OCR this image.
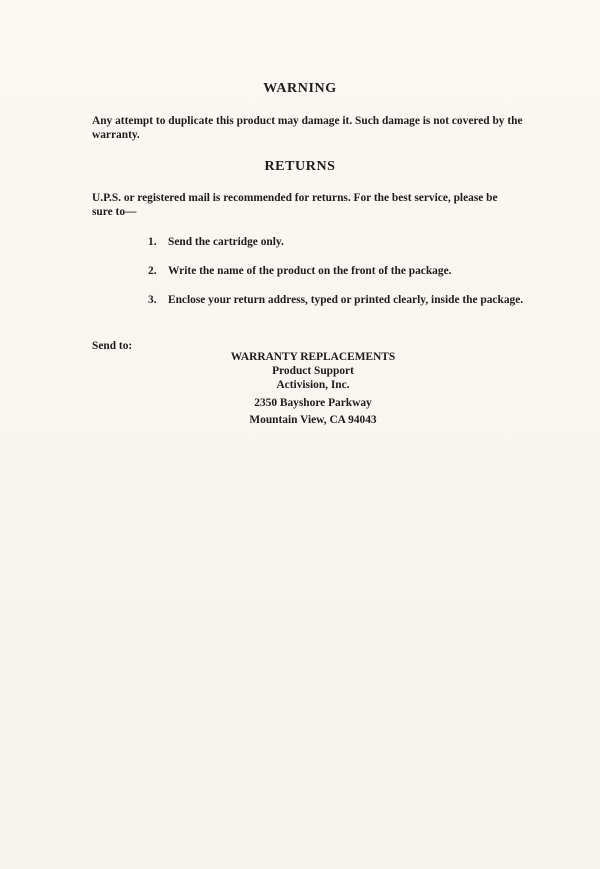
WARNING
Any attempt to duplicate this product may damage it. Such damage is not covered by the warranty.
RETURNS
U.P.S. or registered mail is recommended for returns. For the best service, please be sure to—
1. Send the cartridge only.
2. Write the name of the product on the front of the package.
3. Enclose your return address, typed or printed clearly, inside the package.
Send to:
WARRANTY REPLACEMENTS
Product Support
Activision, Inc.
2350 Bayshore Parkway
Mountain View, CA 94043
